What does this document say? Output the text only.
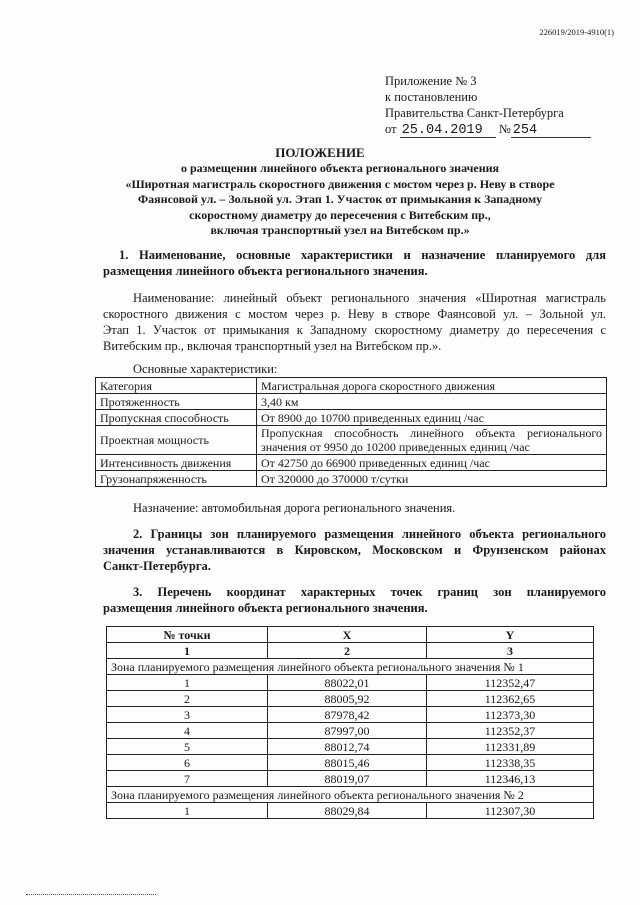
226019/2019-4910(1)
Приложение № 3
к постановлению
Правительства Санкт-Петербурга
от 25.04.2019 № 254
ПОЛОЖЕНИЕ
о размещении линейного объекта регионального значения
«Широтная магистраль скоростного движения с мостом через р. Неву в створе
Фаянсовой ул. – Зольной ул. Этап 1. Участок от примыкания к Западному
скоростному диаметру до пересечения с Витебским пр.,
включая транспортный узел на Витебском пр.»
1. Наименование, основные характеристики и назначение планируемого для
размещения линейного объекта регионального значения.
Наименование: линейный объект регионального значения «Широтная магистраль
скоростного движения с мостом через р. Неву в створе Фаянсовой ул. – Зольной ул.
Этап 1. Участок от примыкания к Западному скоростному диаметру до пересечения с
Витебским пр., включая транспортный узел на Витебском пр.».
Основные характеристики:
Категория	Магистральная дорога скоростного движения

Протяженность	3,40 км

Пропускная способность	От 8900 до 10700 приведенных единиц /час

Проектная мощность	Пропускная способность линейного объекта регионального
значения от 9950 до 10200 приведенных единиц /час

Интенсивность движения	От 42750 до 66900 приведенных единиц /час

Грузонапряженность	От 320000 до 370000 т/сутки
Назначение: автомобильная дорога регионального значения.
2. Границы зон планируемого размещения линейного объекта регионального
значения устанавливаются в Кировском, Московском и Фрунзенском районах
Санкт-Петербурга.
3. Перечень координат характерных точек границ зон планируемого
размещения линейного объекта регионального значения.
№ точки	X	Y
1	2	3
Зона планируемого размещения линейного объекта регионального значения № 1		
1	88022,01	112352,47
2	88005,92	112362,65
3	87978,42	112373,30
4	87997,00	112352,37
5	88012,74	112331,89
6	88015,46	112338,35
7	88019,07	112346,13
Зона планируемого размещения линейного объекта регионального значения № 2		
1	88029,84	112307,30
